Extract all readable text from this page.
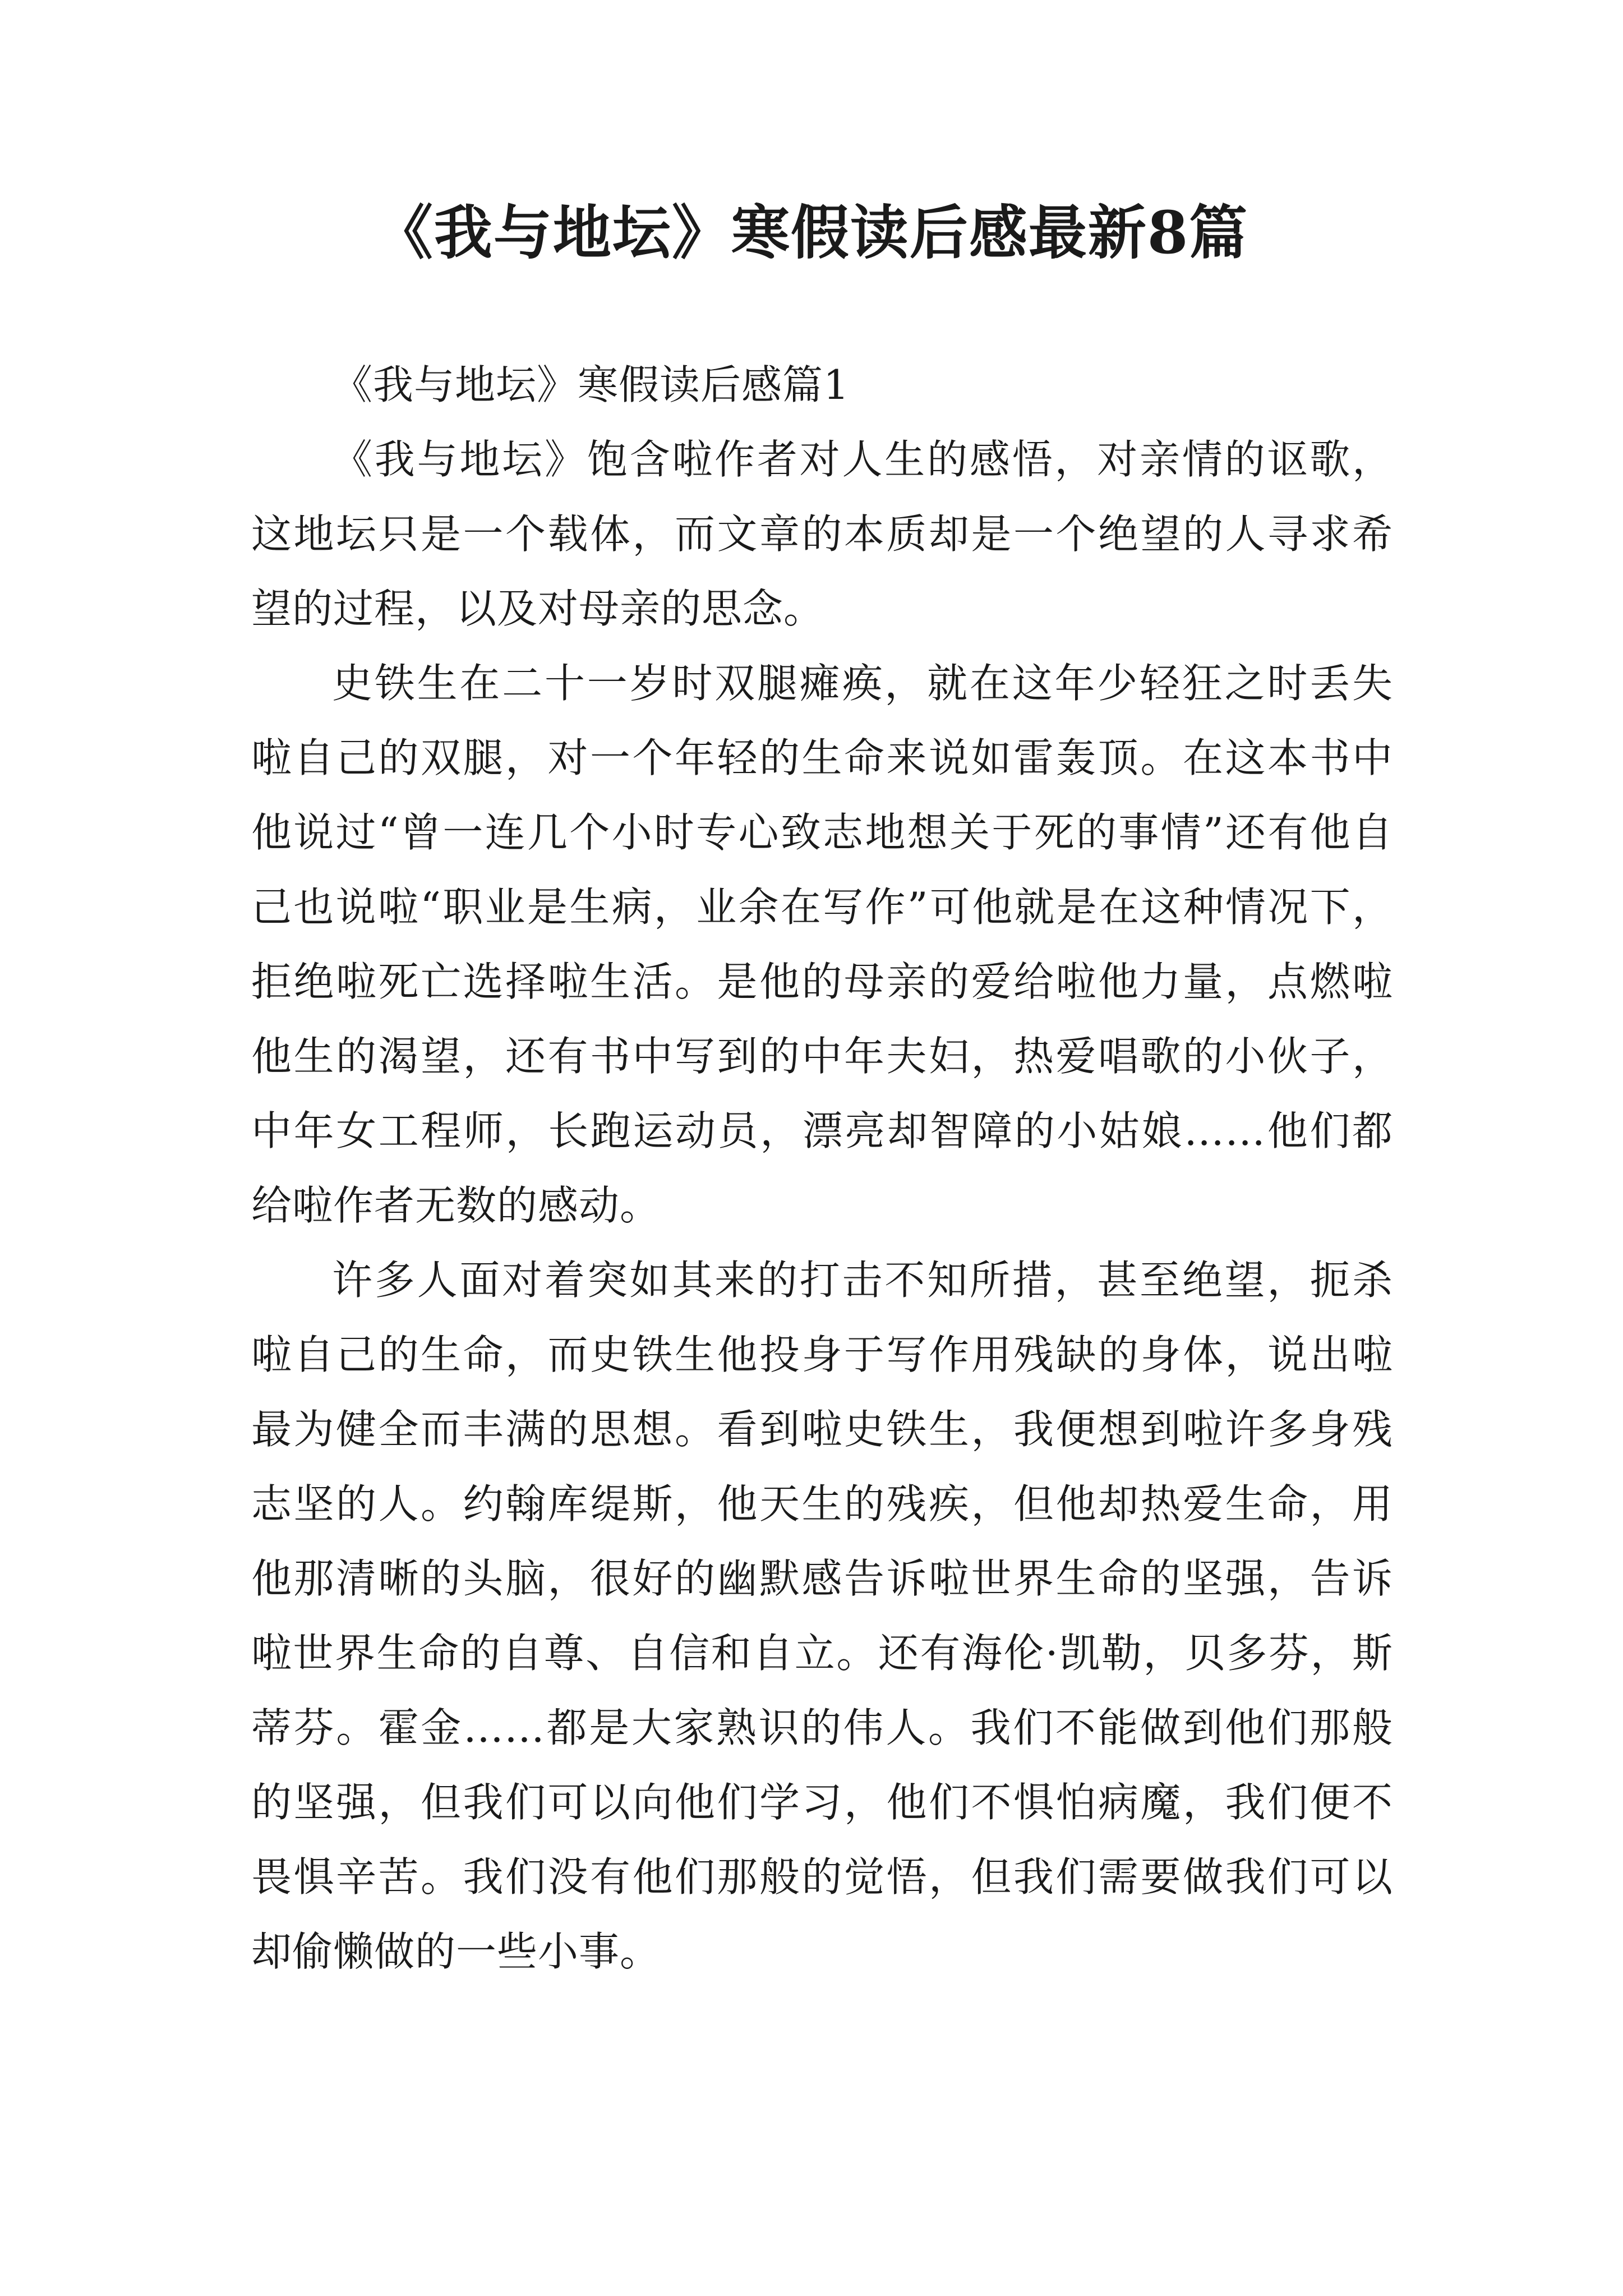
《我与地坛》寒假读后感最新8篇

《我与地坛》寒假读后感篇1

《我与地坛》饱含啦作者对人生的感悟，对亲情的讴歌，这地坛只是一个载体，而文章的本质却是一个绝望的人寻求希望的过程，以及对母亲的思念。

史铁生在二十一岁时双腿瘫痪，就在这年少轻狂之时丢失啦自己的双腿，对一个年轻的生命来说如雷轰顶。在这本书中他说过“曾一连几个小时专心致志地想关于死的事情”还有他自己也说啦“职业是生病，业余在写作”可他就是在这种情况下，拒绝啦死亡选择啦生活。是他的母亲的爱给啦他力量，点燃啦他生的渴望，还有书中写到的中年夫妇，热爱唱歌的小伙子，中年女工程师，长跑运动员，漂亮却智障的小姑娘……他们都给啦作者无数的感动。

许多人面对着突如其来的打击不知所措，甚至绝望，扼杀啦自己的生命，而史铁生他投身于写作用残缺的身体，说出啦最为健全而丰满的思想。看到啦史铁生，我便想到啦许多身残志坚的人。约翰库缇斯，他天生的残疾，但他却热爱生命，用他那清晰的头脑，很好的幽默感告诉啦世界生命的坚强，告诉啦世界生命的自尊、自信和自立。还有海伦·凯勒，贝多芬，斯蒂芬。霍金……都是大家熟识的伟人。我们不能做到他们那般的坚强，但我们可以向他们学习，他们不惧怕病魔，我们便不畏惧辛苦。我们没有他们那般的觉悟，但我们需要做我们可以却偷懒做的一些小事。
